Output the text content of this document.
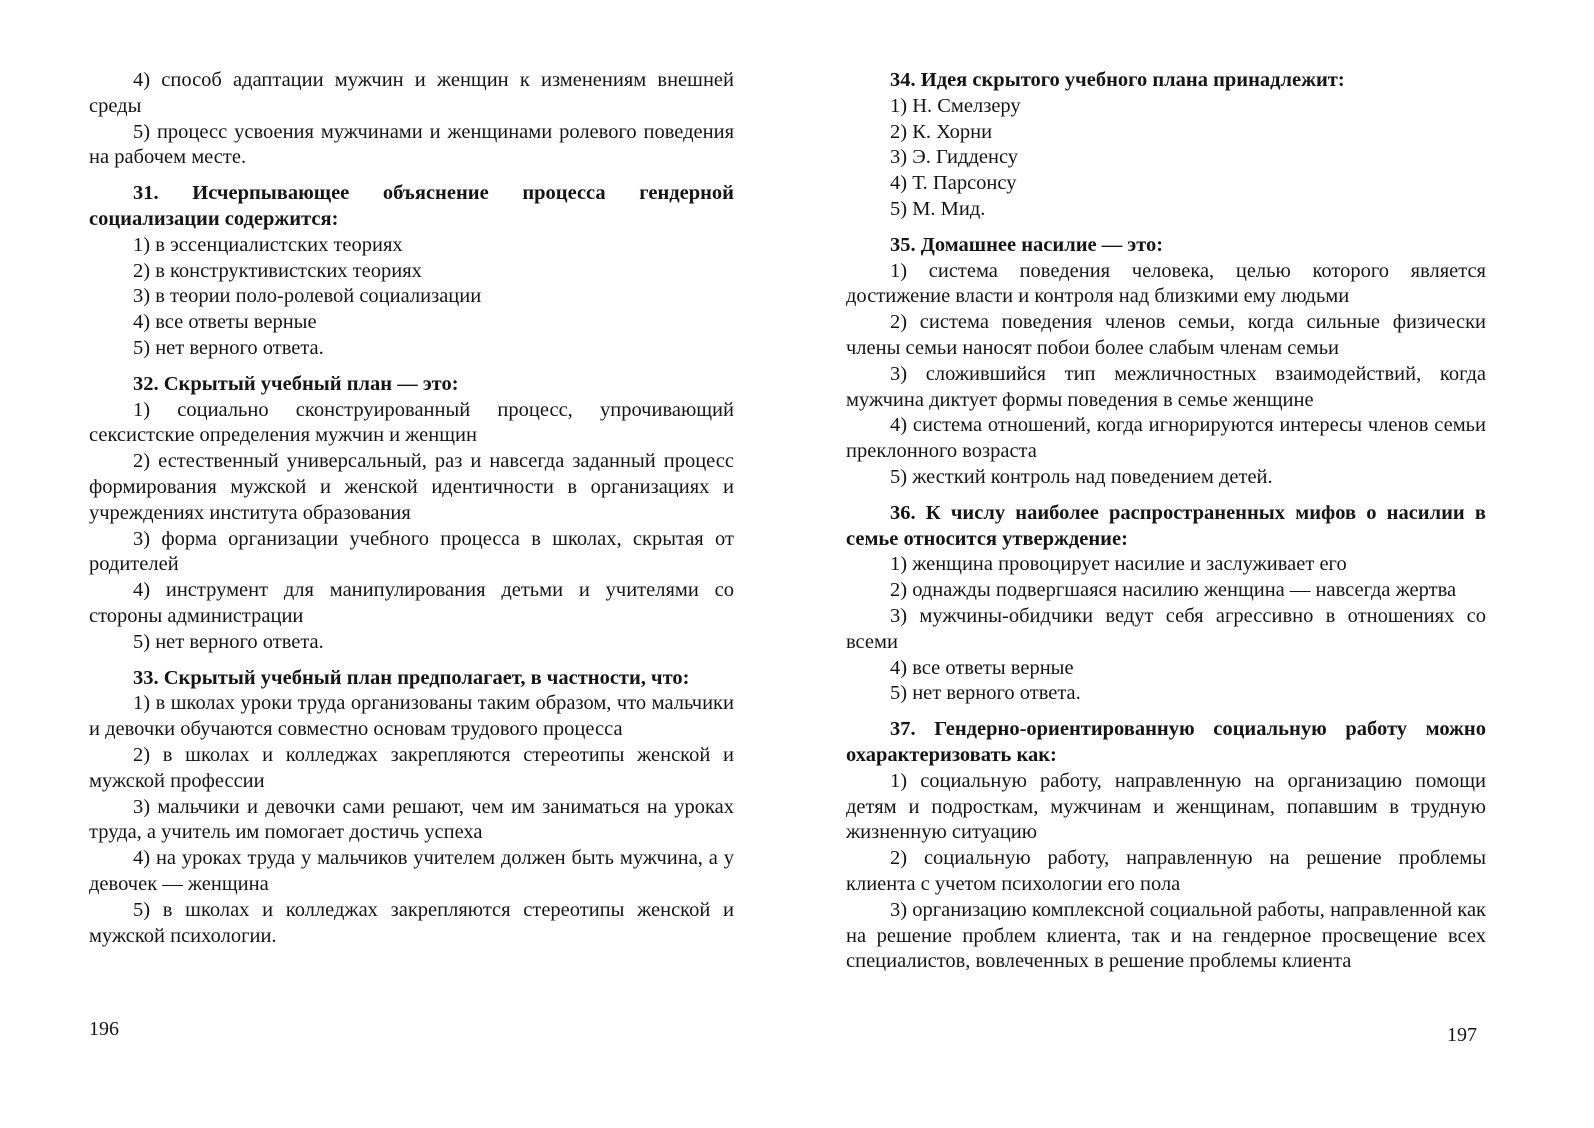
4) способ адаптации мужчин и женщин к изменениям внешней среды
5) процесс усвоения мужчинами и женщинами ролевого поведения на рабочем месте.
31. Исчерпывающее объяснение процесса гендерной социализации содержится:
1) в эссенциалистских теориях
2) в конструктивистских теориях
3) в теории поло-ролевой социализации
4) все ответы верные
5) нет верного ответа.
32. Скрытый учебный план — это:
1) социально сконструированный процесс, упрочивающий сексистские определения мужчин и женщин
2) естественный универсальный, раз и навсегда заданный процесс формирования мужской и женской идентичности в организациях и учреждениях института образования
3) форма организации учебного процесса в школах, скрытая от родителей
4) инструмент для манипулирования детьми и учителями со стороны администрации
5) нет верного ответа.
33. Скрытый учебный план предполагает, в частности, что:
1) в школах уроки труда организованы таким образом, что мальчики и девочки обучаются совместно основам трудового процесса
2) в школах и колледжах закрепляются стереотипы женской и мужской профессии
3) мальчики и девочки сами решают, чем им заниматься на уроках труда, а учитель им помогает достичь успеха
4) на уроках труда у мальчиков учителем должен быть мужчина, а у девочек — женщина
5) в школах и колледжах закрепляются стереотипы женской и мужской психологии.
196
34. Идея скрытого учебного плана принадлежит:
1) Н. Смелзеру
2) К. Хорни
3) Э. Гидденсу
4) Т. Парсонсу
5) М. Мид.
35. Домашнее насилие — это:
1) система поведения человека, целью которого является достижение власти и контроля над близкими ему людьми
2) система поведения членов семьи, когда сильные физически члены семьи наносят побои более слабым членам семьи
3) сложившийся тип межличностных взаимодействий, когда мужчина диктует формы поведения в семье женщине
4) система отношений, когда игнорируются интересы членов семьи преклонного возраста
5) жесткий контроль над поведением детей.
36. К числу наиболее распространенных мифов о насилии в семье относится утверждение:
1) женщина провоцирует насилие и заслуживает его
2) однажды подвергшаяся насилию женщина — навсегда жертва
3) мужчины-обидчики ведут себя агрессивно в отношениях со всеми
4) все ответы верные
5) нет верного ответа.
37. Гендерно-ориентированную социальную работу можно охарактеризовать как:
1) социальную работу, направленную на организацию помощи детям и подросткам, мужчинам и женщинам, попавшим в трудную жизненную ситуацию
2) социальную работу, направленную на решение проблемы клиента с учетом психологии его пола
3) организацию комплексной социальной работы, направленной как на решение проблем клиента, так и на гендерное просвещение всех специалистов, вовлеченных в решение проблемы клиента
197
